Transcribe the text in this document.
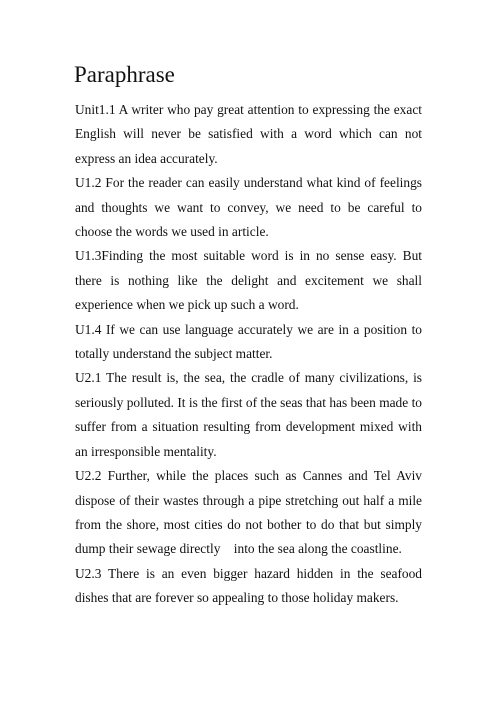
Paraphrase

Unit1.1 A writer who pay great attention to expressing the exact English will never be satisfied with a word which can not express an idea accurately.

U1.2 For the reader can easily understand what kind of feelings and thoughts we want to convey, we need to be careful to choose the words we used in article.

U1.3Finding the most suitable word is in no sense easy. But there is nothing like the delight and excitement we shall experience when we pick up such a word.

U1.4 If we can use language accurately we are in a position to totally understand the subject matter.

U2.1 The result is, the sea, the cradle of many civilizations, is seriously polluted. It is the first of the seas that has been made to suffer from a situation resulting from development mixed with an irresponsible mentality.

U2.2 Further, while the places such as Cannes and Tel Aviv dispose of their wastes through a pipe stretching out half a mile from the shore, most cities do not bother to do that but simply dump their sewage directly    into the sea along the coastline.

U2.3 There is an even bigger hazard hidden in the seafood dishes that are forever so appealing to those holiday makers.
